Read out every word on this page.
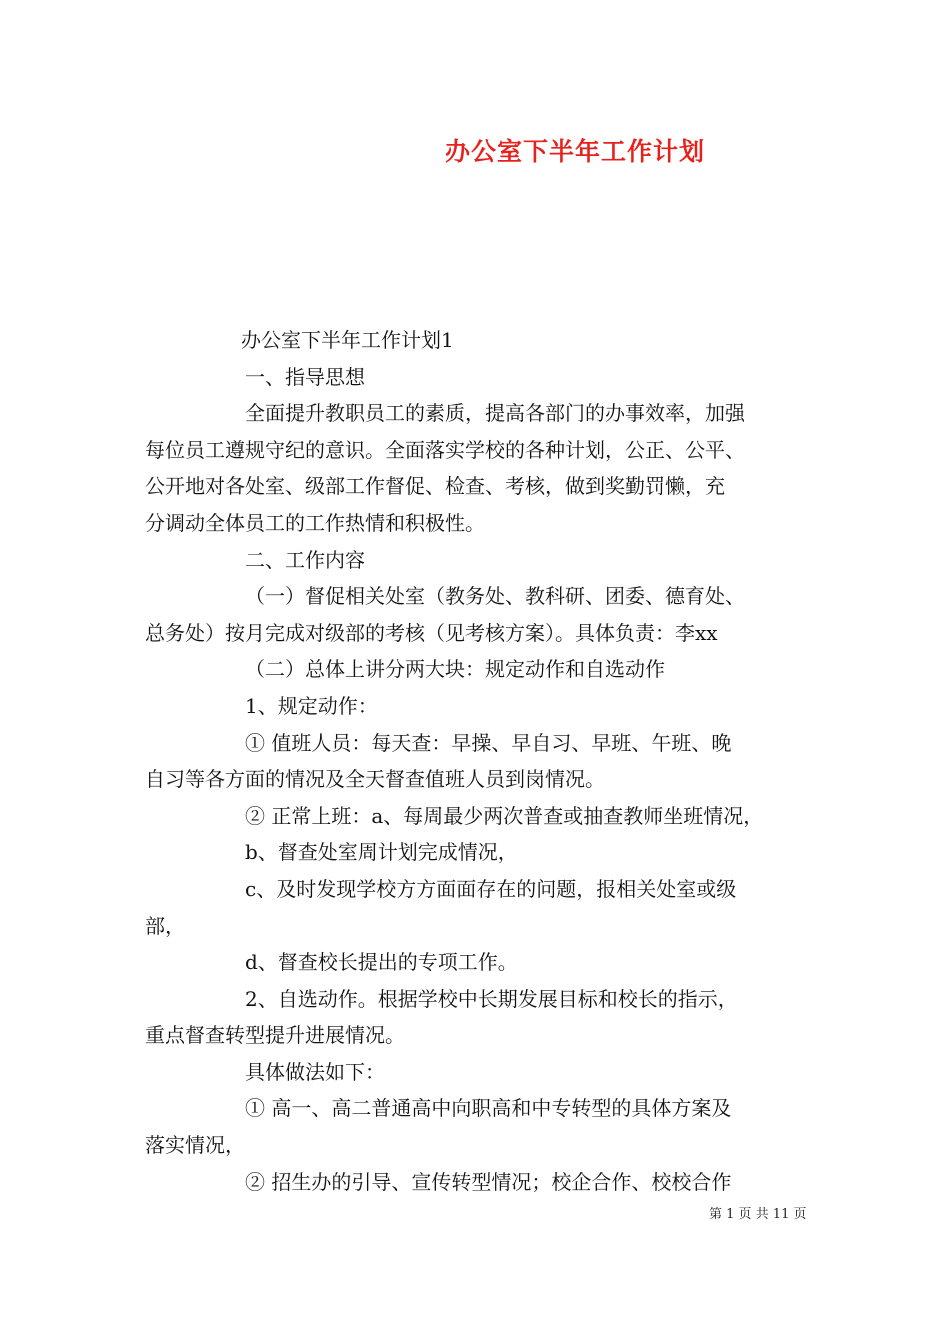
办公室下半年工作计划
办公室下半年工作计划1
一、指导思想
全面提升教职员工的素质，提高各部门的办事效率，加强
每位员工遵规守纪的意识。全面落实学校的各种计划，公正、公平、
公开地对各处室、级部工作督促、检查、考核，做到奖勤罚懒，充
分调动全体员工的工作热情和积极性。
二、工作内容
（一）督促相关处室（教务处、教科研、团委、德育处、
总务处）按月完成对级部的考核（见考核方案）。具体负责：李xx
（二）总体上讲分两大块：规定动作和自选动作
1、规定动作：
① 值班人员：每天查：早操、早自习、早班、午班、晚
自习等各方面的情况及全天督查值班人员到岗情况。
② 正常上班：a、每周最少两次普查或抽查教师坐班情况，
b、督查处室周计划完成情况，
c、及时发现学校方方面面存在的问题，报相关处室或级
部，
d、督查校长提出的专项工作。
2、自选动作。根据学校中长期发展目标和校长的指示，
重点督查转型提升进展情况。
具体做法如下：
① 高一、高二普通高中向职高和中专转型的具体方案及
落实情况，
② 招生办的引导、宣传转型情况；校企合作、校校合作
第 1 页 共 11 页
